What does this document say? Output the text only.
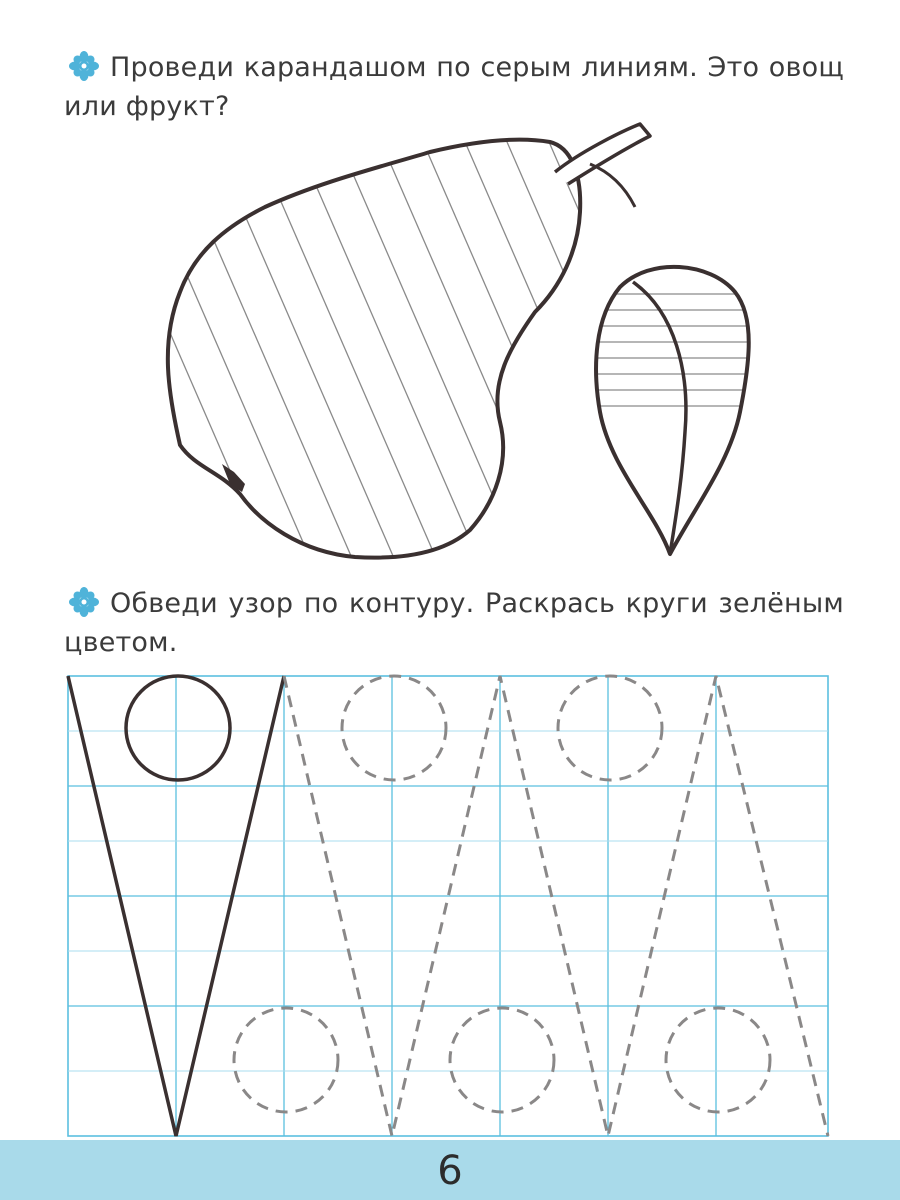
Проведи карандашом по серым линиям. Это овощ или фрукт?
Обведи узор по контуру. Раскрась круги зелёным цветом.
6
